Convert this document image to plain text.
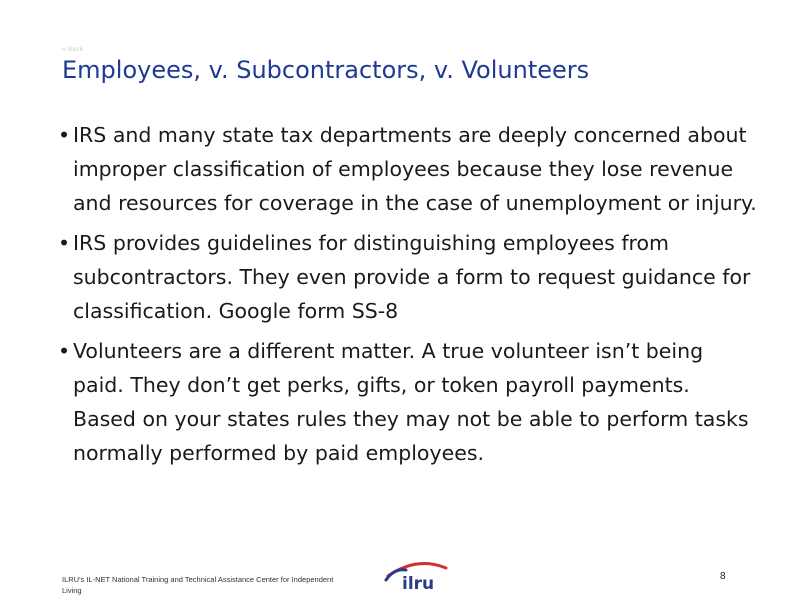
« Back
Employees, v. Subcontractors, v. Volunteers
• IRS and many state tax departments are deeply concerned about improper classification of employees because they lose revenue and resources for coverage in the case of unemployment or injury.
• IRS provides guidelines for distinguishing employees from subcontractors. They even provide a form to request guidance for classification. Google form SS-8
• Volunteers are a different matter. A true volunteer isn’t being paid. They don’t get perks, gifts, or token payroll payments. Based on your states rules they may not be able to perform tasks normally performed by paid employees.
ILRU's IL-NET National Training and Technical Assistance Center for Independent Living	ilru	8
